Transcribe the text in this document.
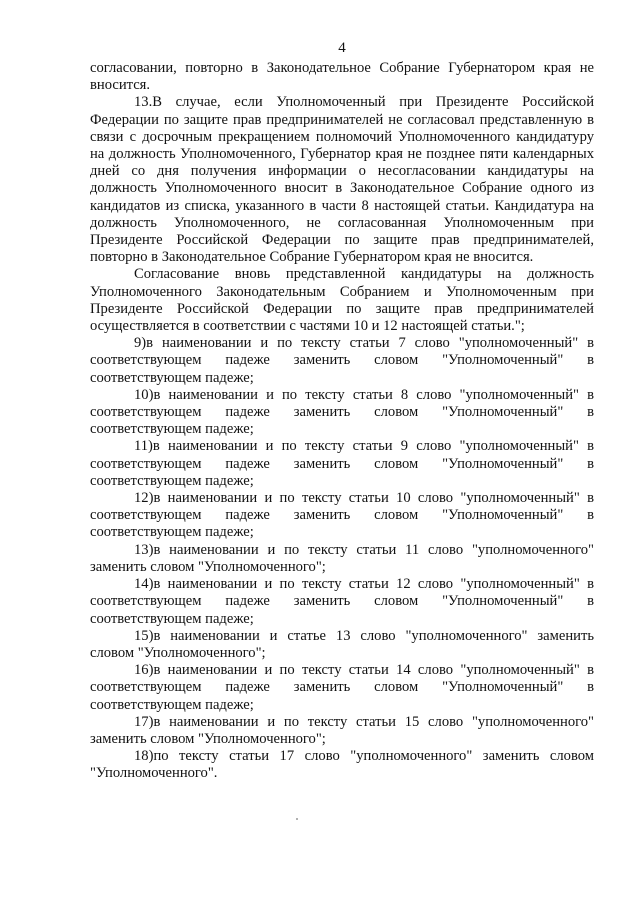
4

согласовании, повторно в Законодательное Собрание Губернатором края не вносится.

13.В случае, если Уполномоченный при Президенте Российской Федерации по защите прав предпринимателей не согласовал представленную в связи с досрочным прекращением полномочий Уполномоченного кандидатуру на должность Уполномоченного, Губернатор края не позднее пяти календарных дней со дня получения информации о несогласовании кандидатуры на должность Уполномоченного вносит в Законодательное Собрание одного из кандидатов из списка, указанного в части 8 настоящей статьи. Кандидатура на должность Уполномоченного, не согласованная Уполномоченным при Президенте Российской Федерации по защите прав предпринимателей, повторно в Законодательное Собрание Губернатором края не вносится.

Согласование вновь представленной кандидатуры на должность Уполномоченного Законодательным Собранием и Уполномоченным при Президенте Российской Федерации по защите прав предпринимателей осуществляется в соответствии с частями 10 и 12 настоящей статьи.";

9)в наименовании и по тексту статьи 7 слово "уполномоченный" в соответствующем падеже заменить словом "Уполномоченный" в соответствующем падеже;

10)в наименовании и по тексту статьи 8 слово "уполномоченный" в соответствующем падеже заменить словом "Уполномоченный" в соответствующем падеже;

11)в наименовании и по тексту статьи 9 слово "уполномоченный" в соответствующем падеже заменить словом "Уполномоченный" в соответствующем падеже;

12)в наименовании и по тексту статьи 10 слово "уполномоченный" в соответствующем падеже заменить словом "Уполномоченный" в соответствующем падеже;

13)в наименовании и по тексту статьи 11 слово "уполномоченного" заменить словом "Уполномоченного";

14)в наименовании и по тексту статьи 12 слово "уполномоченный" в соответствующем падеже заменить словом "Уполномоченный" в соответствующем падеже;

15)в наименовании и статье 13 слово "уполномоченного" заменить словом "Уполномоченного";

16)в наименовании и по тексту статьи 14 слово "уполномоченный" в соответствующем падеже заменить словом "Уполномоченный" в соответствующем падеже;

17)в наименовании и по тексту статьи 15 слово "уполномоченного" заменить словом "Уполномоченного";

18)по тексту статьи 17 слово "уполномоченного" заменить словом "Уполномоченного".
